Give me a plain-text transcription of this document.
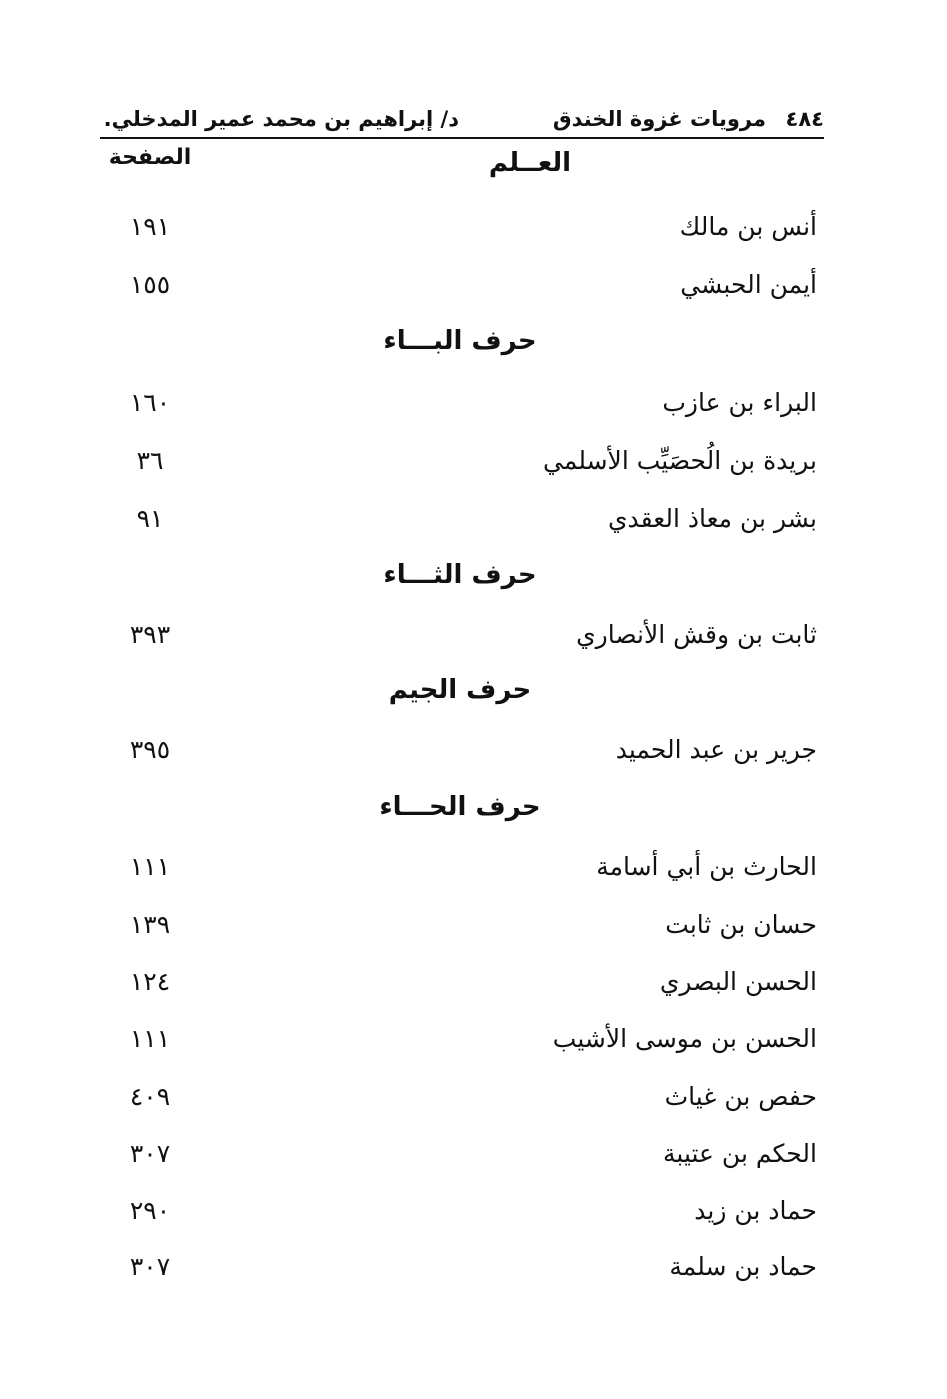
٤٨٤
مرويات غزوة الخندق
د/ إبراهيم بن محمد عمير المدخلي.
العــلم
الصفحة
أنس بن مالك
١٩١
أيمن الحبشي
١٥٥
حرف البـــاء
البراء بن عازب
١٦٠
بريدة بن الُحصَيِّب الأسلمي
٣٦
بشر بن معاذ العقدي
٩١
حرف الثـــاء
ثابت بن وقش الأنصاري
٣٩٣
حرف الجيم
جرير بن عبد الحميد
٣٩٥
حرف الحـــاء
الحارث بن أبي أسامة
١١١
حسان بن ثابت
١٣٩
الحسن البصري
١٢٤
الحسن بن موسى الأشيب
١١١
حفص بن غياث
٤٠٩
الحكم بن عتيبة
٣٠٧
حماد بن زيد
٢٩٠
حماد بن سلمة
٣٠٧
